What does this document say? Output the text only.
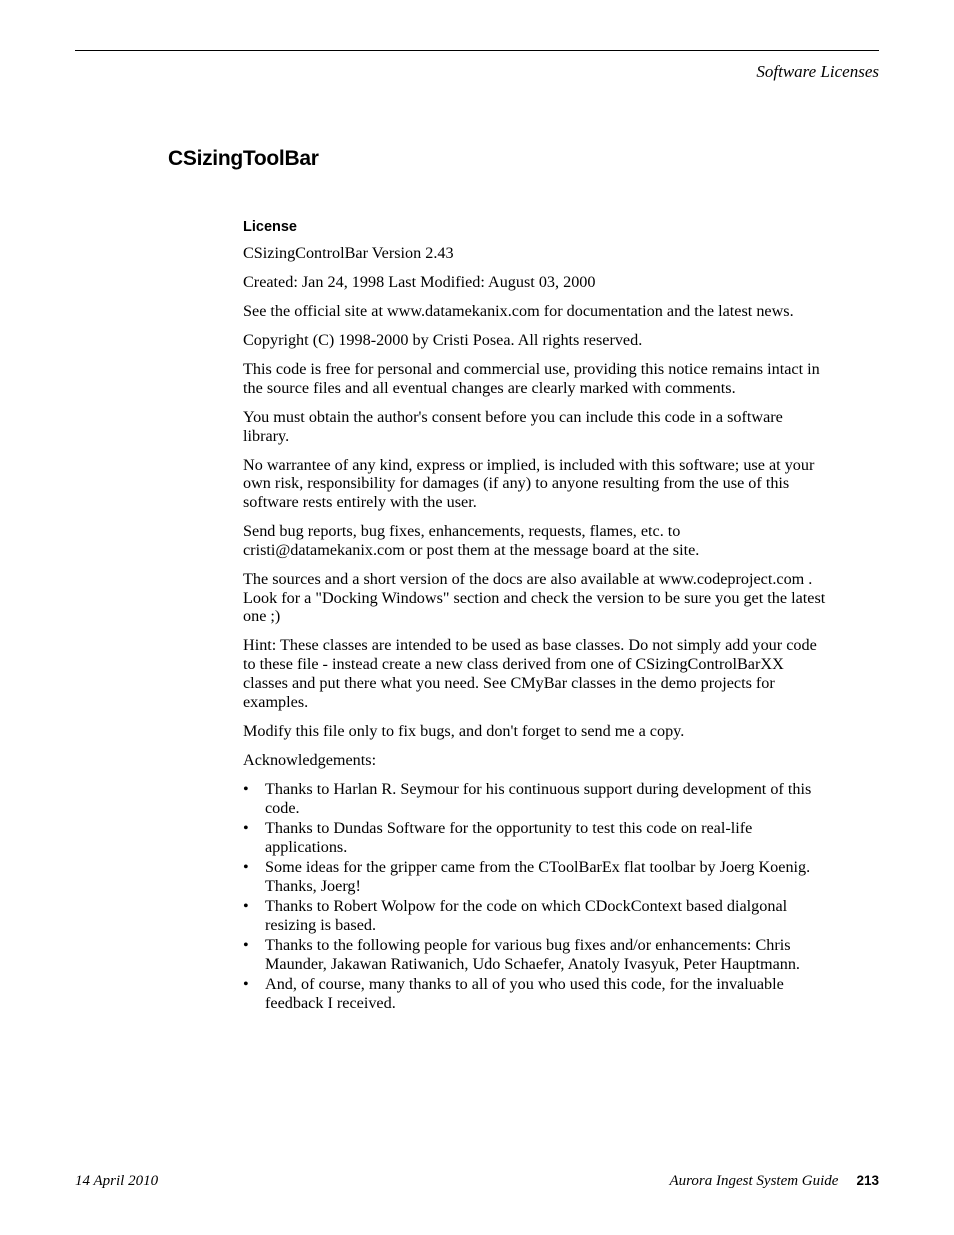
Software Licenses
CSizingToolBar
License

CSizingControlBar Version 2.43

Created: Jan 24, 1998 Last Modified: August 03, 2000

See the official site at www.datamekanix.com for documentation and the latest news.

Copyright (C) 1998-2000 by Cristi Posea. All rights reserved.

This code is free for personal and commercial use, providing this notice remains intact in the source files and all eventual changes are clearly marked with comments.

You must obtain the author's consent before you can include this code in a software library.

No warrantee of any kind, express or implied, is included with this software; use at your own risk, responsibility for damages (if any) to anyone resulting from the use of this software rests entirely with the user.

Send bug reports, bug fixes, enhancements, requests, flames, etc. to cristi@datamekanix.com or post them at the message board at the site.

The sources and a short version of the docs are also available at www.codeproject.com . Look for a "Docking Windows" section and check the version to be sure you get the latest one ;)

Hint: These classes are intended to be used as base classes. Do not simply add your code to these file - instead create a new class derived from one of CSizingControlBarXX classes and put there what you need. See CMyBar classes in the demo projects for examples.

Modify this file only to fix bugs, and don't forget to send me a copy.

Acknowledgements:

• Thanks to Harlan R. Seymour for his continuous support during development of this code.
• Thanks to Dundas Software for the opportunity to test this code on real-life applications.
• Some ideas for the gripper came from the CToolBarEx flat toolbar by Joerg Koenig. Thanks, Joerg!
• Thanks to Robert Wolpow for the code on which CDockContext based dialgonal resizing is based.
• Thanks to the following people for various bug fixes and/or enhancements: Chris Maunder, Jakawan Ratiwanich, Udo Schaefer, Anatoly Ivasyuk, Peter Hauptmann.
• And, of course, many thanks to all of you who used this code, for the invaluable feedback I received.
14 April 2010	Aurora Ingest System Guide 213
